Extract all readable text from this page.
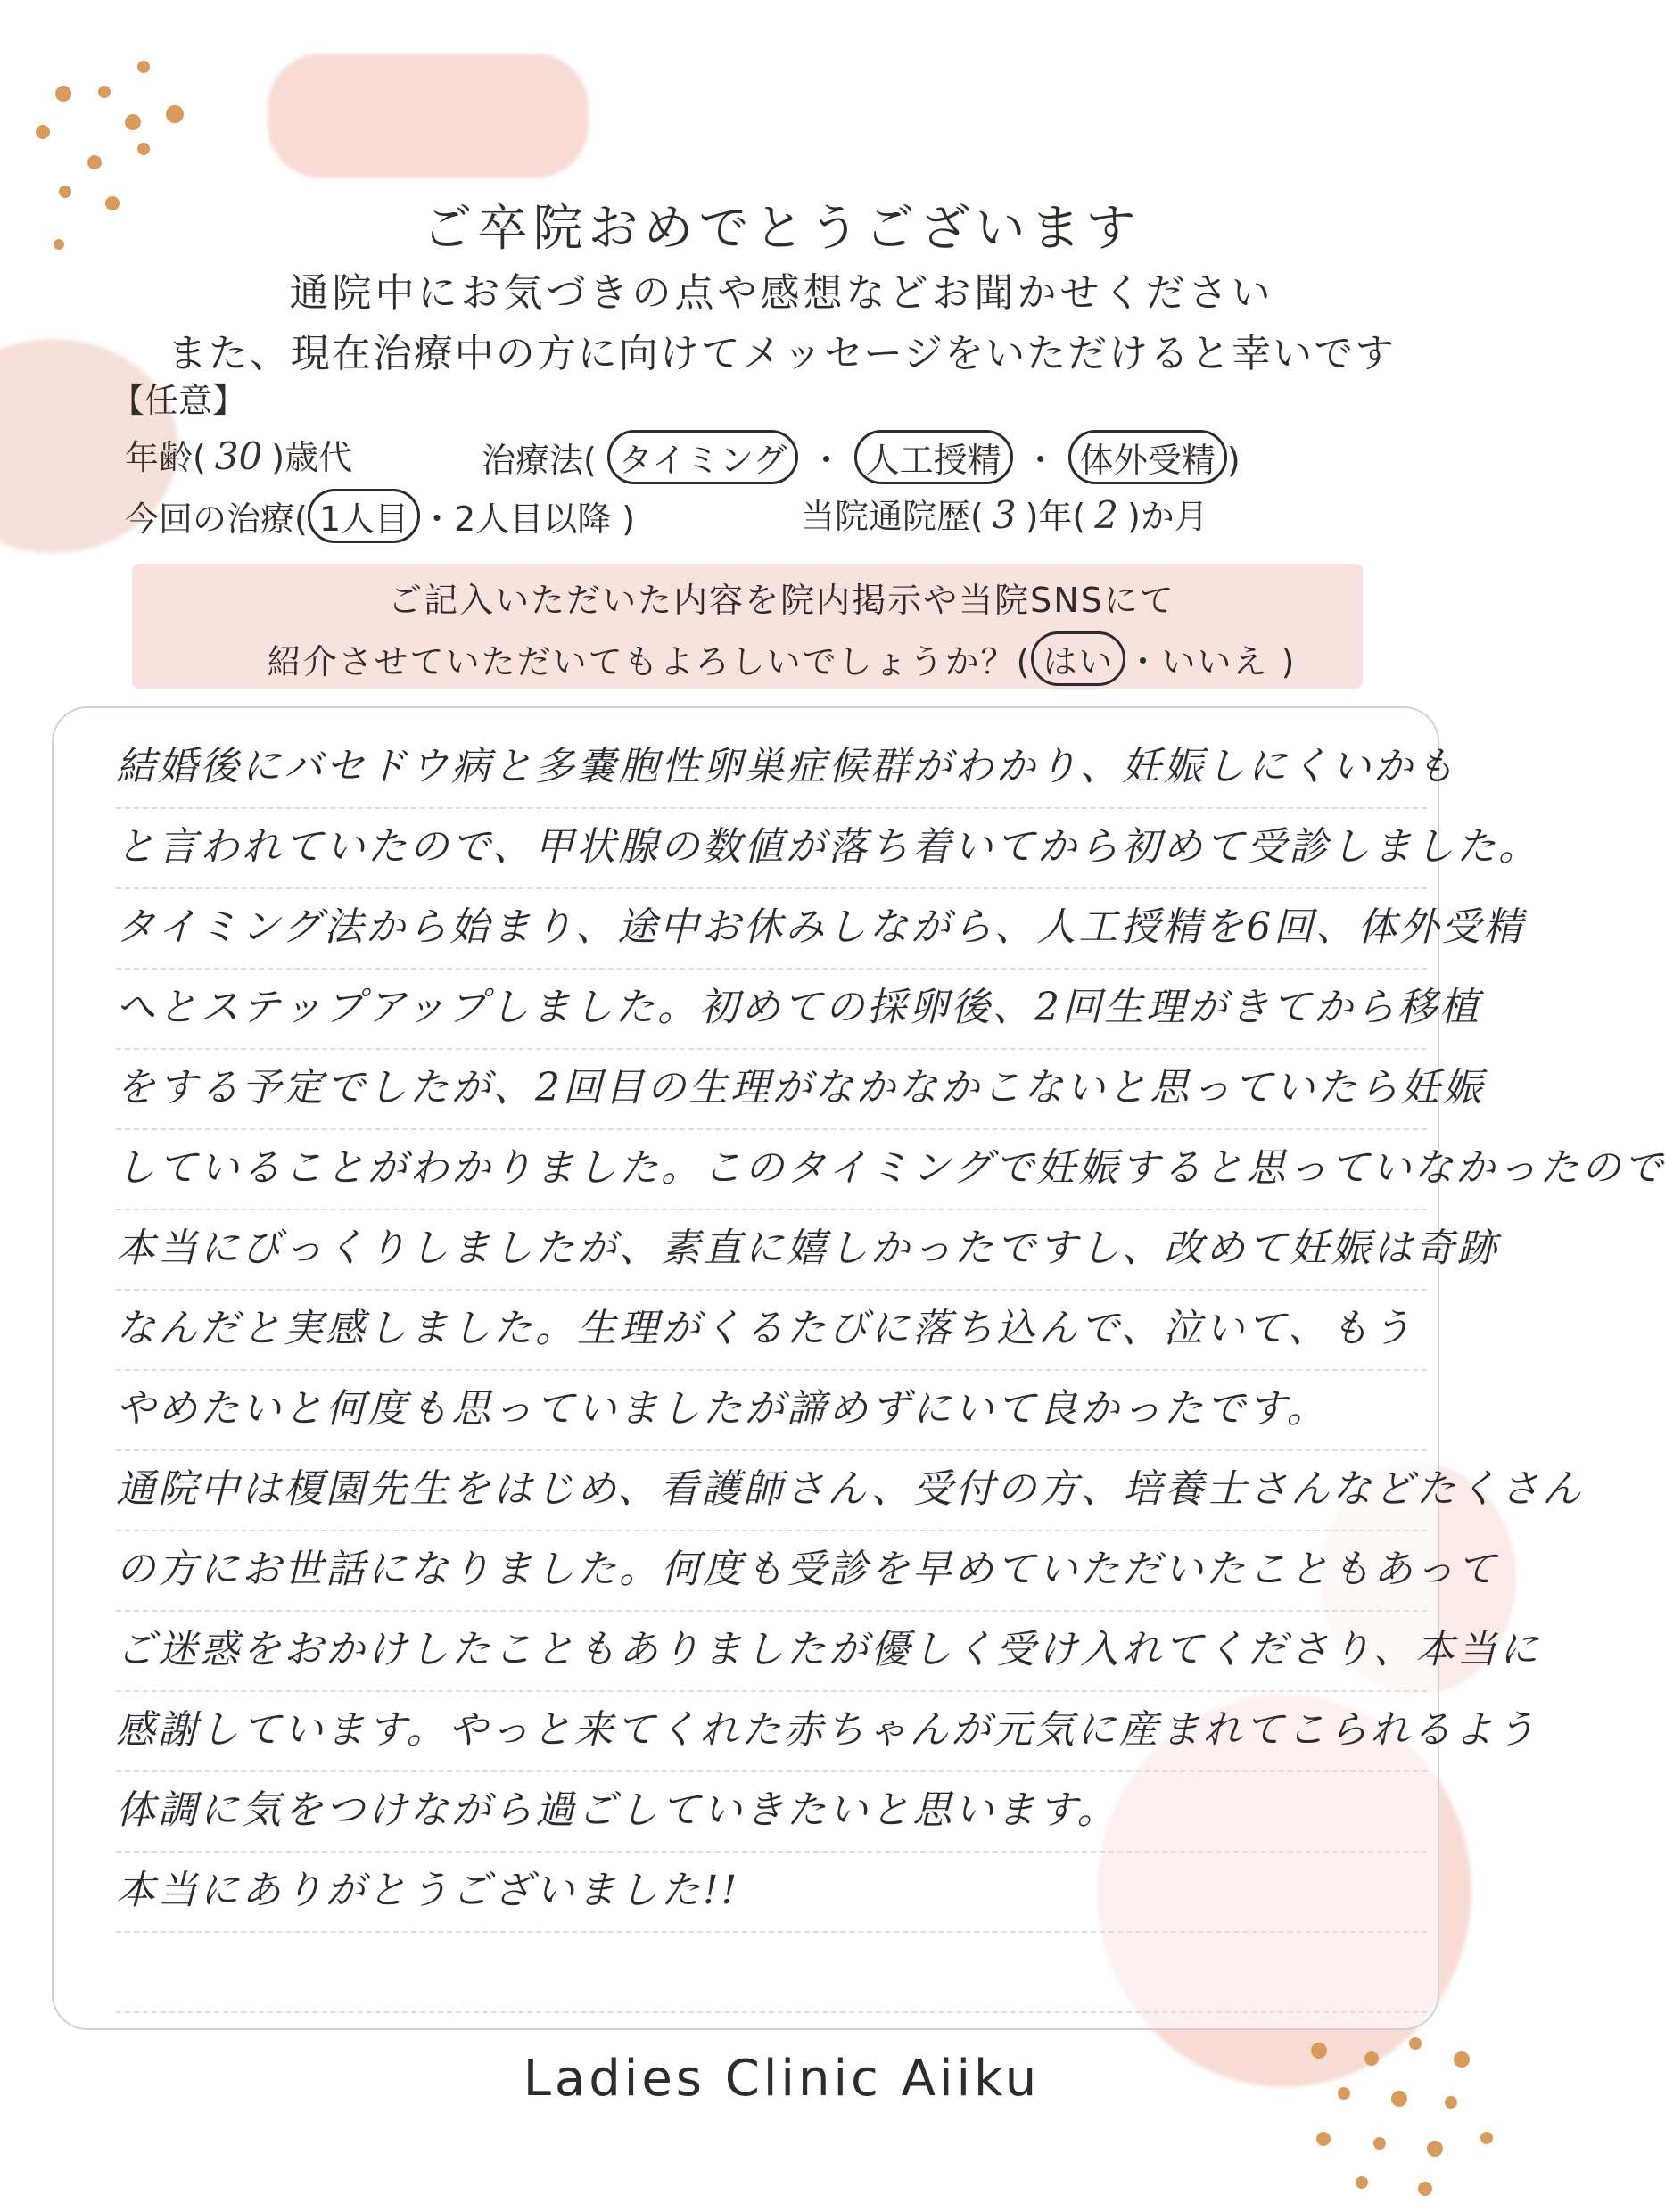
ご卒院おめでとうございます
通院中にお気づきの点や感想などお聞かせください
また、現在治療中の方に向けてメッセージをいただけると幸いです
【任意】
年齢( 30 )歳代	治療法( タイミング ・ 人工授精 ・ 体外受精 )
今回の治療( 1人目 ・2人目以降 )	当院通院歴( 3 )年( 2 )か月
ご記入いただいた内容を院内掲示や当院SNSにて
紹介させていただいてもよろしいでしょうか？( はい ・いいえ )
結婚後にバセドウ病と多嚢胞性卵巣症候群がわかり、妊娠しにくいかも
と言われていたので、甲状腺の数値が落ち着いてから初めて受診しました。
タイミング法から始まり、途中お休みしながら、人工授精を6回、体外受精
へとステップアップしました。初めての採卵後、2回生理がきてから移植
をする予定でしたが、2回目の生理がなかなかこないと思っていたら妊娠
していることがわかりました。このタイミングで妊娠すると思っていなかったので
本当にびっくりしましたが、素直に嬉しかったですし、改めて妊娠は奇跡
なんだと実感しました。生理がくるたびに落ち込んで、泣いて、もう
やめたいと何度も思っていましたが諦めずにいて良かったです。
通院中は榎園先生をはじめ、看護師さん、受付の方、培養士さんなどたくさん
の方にお世話になりました。何度も受診を早めていただいたこともあって
ご迷惑をおかけしたこともありましたが優しく受け入れてくださり、本当に
感謝しています。やっと来てくれた赤ちゃんが元気に産まれてこられるよう
体調に気をつけながら過ごしていきたいと思います。
本当にありがとうございました!!
Ladies Clinic Aiiku
